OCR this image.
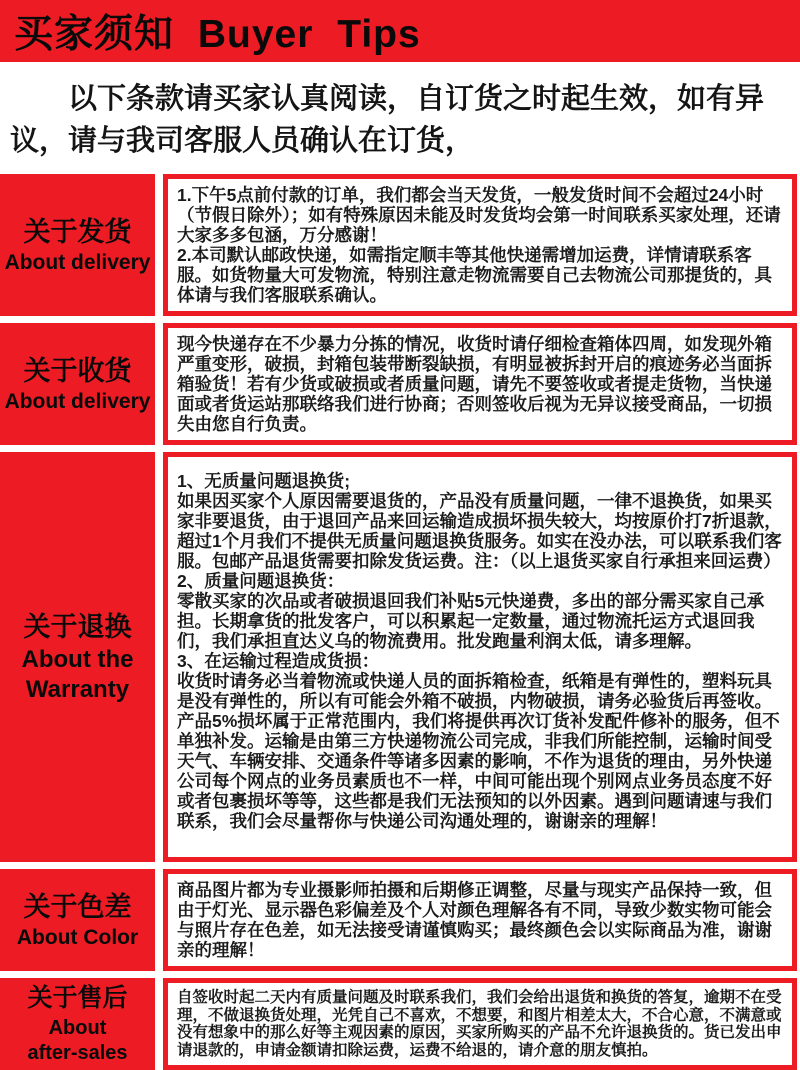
买家须知 Buyer Tips

以下条款请买家认真阅读，自订货之时起生效，如有异议，请与我司客服人员确认在订货，

关于发货
About delivery

1.下午5点前付款的订单，我们都会当天发货，一般发货时间不会超过24小时（节假日除外）；如有特殊原因未能及时发货均会第一时间联系买家处理，还请大家多多包涵，万分感谢！

2.本司默认邮政快递，如需指定顺丰等其他快递需增加运费，详情请联系客服。如货物量大可发物流，特别注意走物流需要自己去物流公司那提货的，具体请与我们客服联系确认。

关于收货
About delivery

现今快递存在不少暴力分拣的情况，收货时请仔细检查箱体四周，如发现外箱严重变形，破损，封箱包装带断裂缺损，有明显被拆封开启的痕迹务必当面拆箱验货！若有少货或破损或者质量问题，请先不要签收或者提走货物，当快递面或者货运站那联络我们进行协商；否则签收后视为无异议接受商品，一切损失由您自行负责。

关于退换
About the
Warranty

1、无质量问题退换货;

如果因买家个人原因需要退货的，产品没有质量问题，一律不退换货，如果买家非要退货，由于退回产品来回运输造成损坏损失较大，均按原价打7折退款，超过1个月我们不提供无质量问题退换货服务。如实在没办法，可以联系我们客服。包邮产品退货需要扣除发货运费。注：（以上退货买家自行承担来回运费）

2、质量问题退换货：

零散买家的次品或者破损退回我们补贴5元快递费，多出的部分需买家自己承担。长期拿货的批发客户，可以积累起一定数量，通过物流托运方式退回我们，我们承担直达义乌的物流费用。批发跑量利润太低，请多理解。

3、在运输过程造成货损：

收货时请务必当着物流或快递人员的面拆箱检查，纸箱是有弹性的，塑料玩具是没有弹性的，所以有可能会外箱不破损，内物破损，请务必验货后再签收。产品5%损坏属于正常范围内，我们将提供再次订货补发配件修补的服务，但不单独补发。运输是由第三方快递物流公司完成，非我们所能控制，运输时间受天气、车辆安排、交通条件等诸多因素的影响，不作为退货的理由，另外快递公司每个网点的业务员素质也不一样，中间可能出现个别网点业务员态度不好或者包裹损坏等等，这些都是我们无法预知的以外因素。遇到问题请速与我们联系，我们会尽量帮你与快递公司沟通处理的，谢谢亲的理解！

关于色差
About Color

商品图片都为专业摄影师拍摄和后期修正调整，尽量与现实产品保持一致，但由于灯光、显示器色彩偏差及个人对颜色理解各有不同，导致少数实物可能会与照片存在色差，如无法接受请谨慎购买；最终颜色会以实际商品为准，谢谢亲的理解！

关于售后
About
after-sales

自签收时起二天内有质量问题及时联系我们，我们会给出退货和换货的答复，逾期不在受理，不做退换货处理，光凭自己不喜欢，不想要，和图片相差太大，不合心意，不满意或没有想象中的那么好等主观因素的原因，买家所购买的产品不允许退换货的。货已发出申请退款的，申请金额请扣除运费，运费不给退的，请介意的朋友慎拍。
